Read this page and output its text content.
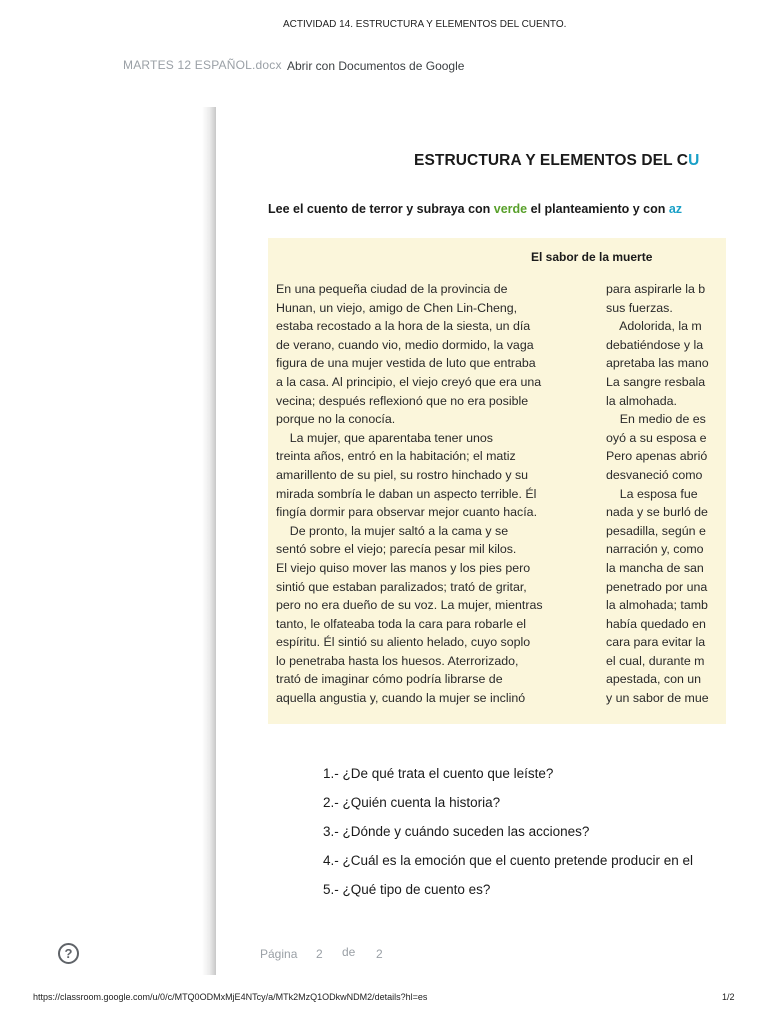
ACTIVIDAD 14. ESTRUCTURA Y ELEMENTOS DEL CUENTO.
MARTES 12 ESPAÑOL.docx Abrir con Documentos de Google
ESTRUCTURA Y ELEMENTOS DEL CU
Lee el cuento de terror y subraya con verde el planteamiento y con az
El sabor de la muerte
En una pequeña ciudad de la provincia de
Hunan, un viejo, amigo de Chen Lin-Cheng,
estaba recostado a la hora de la siesta, un día
de verano, cuando vio, medio dormido, la vaga
figura de una mujer vestida de luto que entraba
a la casa. Al principio, el viejo creyó que era una
vecina; después reflexionó que no era posible
porque no la conocía.
La mujer, que aparentaba tener unos
treinta años, entró en la habitación; el matiz
amarillento de su piel, su rostro hinchado y su
mirada sombría le daban un aspecto terrible. Él
fingía dormir para observar mejor cuanto hacía.
De pronto, la mujer saltó a la cama y se
sentó sobre el viejo; parecía pesar mil kilos.
El viejo quiso mover las manos y los pies pero
sintió que estaban paralizados; trató de gritar,
pero no era dueño de su voz. La mujer, mientras
tanto, le olfateaba toda la cara para robarle el
espíritu. Él sintió su aliento helado, cuyo soplo
lo penetraba hasta los huesos. Aterrorizado,
trató de imaginar cómo podría librarse de
aquella angustia y, cuando la mujer se inclinó
para aspirarle la b
sus fuerzas.
Adolorida, la m
debatiéndose y la
apretaba las mano
La sangre resbala
la almohada.
En medio de es
oyó a su esposa e
Pero apenas abrió
desvaneció como
La esposa fue
nada y se burló de
pesadilla, según e
narración y, como
la mancha de san
penetrado por una
la almohada; tamb
había quedado en
cara para evitar la
el cual, durante m
apestada, con un
y un sabor de mue
1.- ¿De qué trata el cuento que leíste?
2.- ¿Quién cuenta la historia?
3.- ¿Dónde y cuándo suceden las acciones?
4.- ¿Cuál es la emoción que el cuento pretende producir en el
5.- ¿Qué tipo de cuento es?
?	Página 2 de 2
https://classroom.google.com/u/0/c/MTQ0ODMxMjE4NTcy/a/MTk2MzQ1ODkwNDM2/details?hl=es	1/2
